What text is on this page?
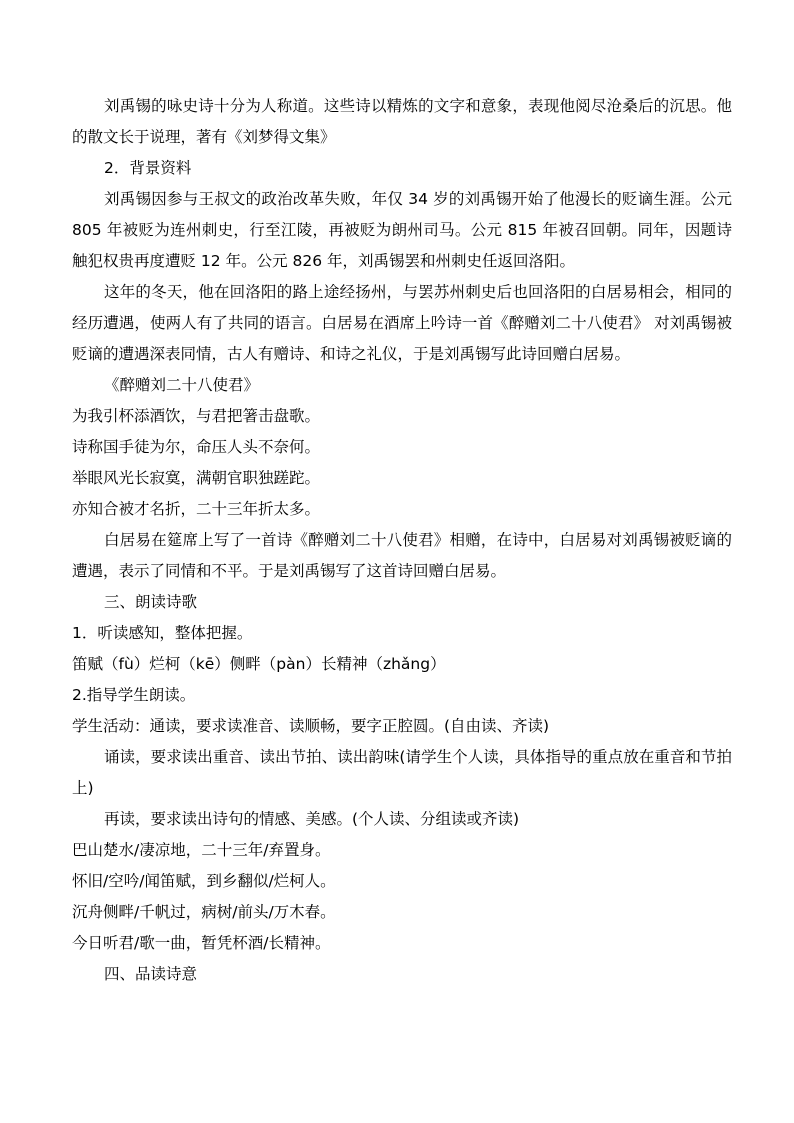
刘禹锡的咏史诗十分为人称道。这些诗以精炼的文字和意象，表现他阅尽沧桑后的沉思。他的散文长于说理，著有《刘梦得文集》

2．背景资料

刘禹锡因参与王叔文的政治改革失败，年仅 34 岁的刘禹锡开始了他漫长的贬谪生涯。公元 805 年被贬为连州刺史，行至江陵，再被贬为朗州司马。公元 815 年被召回朝。同年，因题诗触犯权贵再度遭贬 12 年。公元 826 年，刘禹锡罢和州刺史任返回洛阳。

这年的冬天，他在回洛阳的路上途经扬州，与罢苏州刺史后也回洛阳的白居易相会，相同的经历遭遇，使两人有了共同的语言。白居易在酒席上吟诗一首《醉赠刘二十八使君》 对刘禹锡被贬谪的遭遇深表同情，古人有赠诗、和诗之礼仪，于是刘禹锡写此诗回赠白居易。

《醉赠刘二十八使君》

为我引杯添酒饮，与君把箸击盘歌。

诗称国手徒为尔，命压人头不奈何。

举眼风光长寂寞，满朝官职独蹉跎。

亦知合被才名折，二十三年折太多。

白居易在筵席上写了一首诗《醉赠刘二十八使君》相赠，在诗中，白居易对刘禹锡被贬谪的遭遇，表示了同情和不平。于是刘禹锡写了这首诗回赠白居易。

三、朗读诗歌

1．听读感知，整体把握。

笛赋（fù）烂柯（kē）侧畔（pàn）长精神（zhǎng）

2.指导学生朗读。

学生活动：通读，要求读准音、读顺畅，要字正腔圆。(自由读、齐读)

诵读，要求读出重音、读出节拍、读出韵味(请学生个人读，具体指导的重点放在重音和节拍上)

再读，要求读出诗句的情感、美感。(个人读、分组读或齐读)

巴山楚水/凄凉地，二十三年/弃置身。

怀旧/空吟/闻笛赋，到乡翻似/烂柯人。

沉舟侧畔/千帆过，病树/前头/万木春。

今日听君/歌一曲，暂凭杯酒/长精神。

四、品读诗意
